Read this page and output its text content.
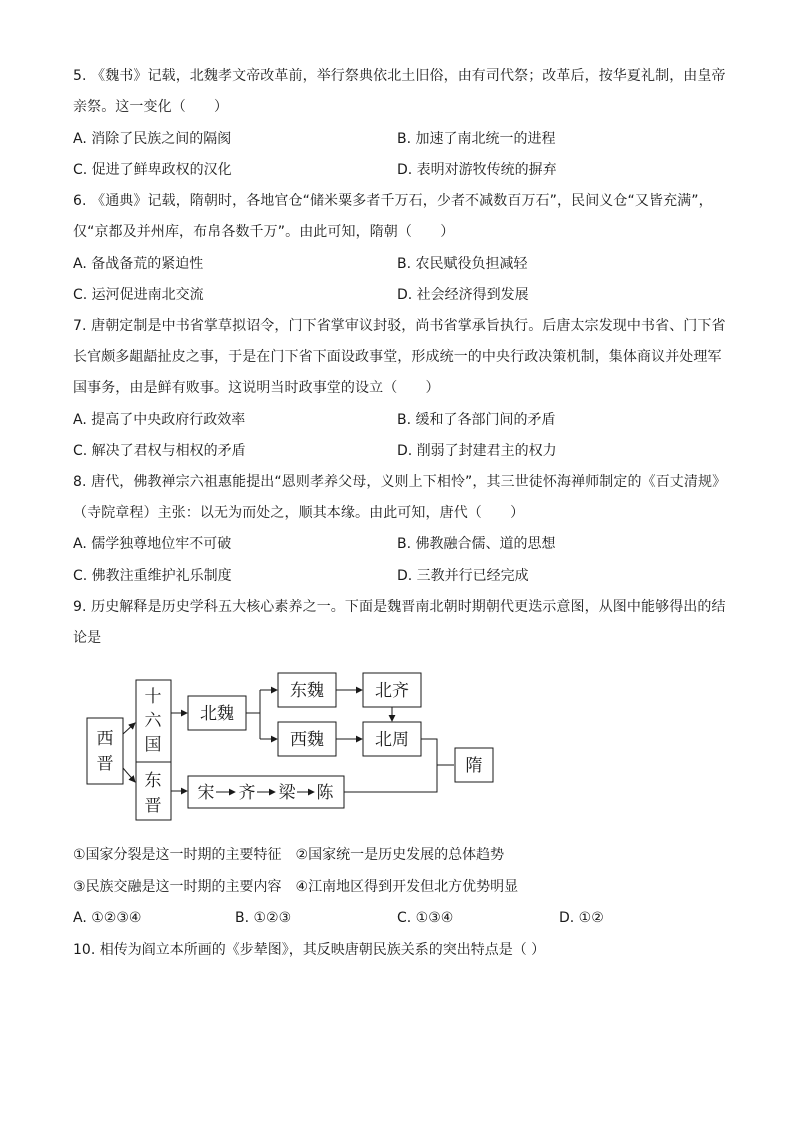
5. 《魏书》记载，北魏孝文帝改革前，举行祭典依北土旧俗，由有司代祭；改革后，按华夏礼制，由皇帝亲祭。这一变化（　　）
A. 消除了民族之间的隔阂	B. 加速了南北统一的进程
C. 促进了鲜卑政权的汉化	D. 表明对游牧传统的摒弃
6. 《通典》记载，隋朝时，各地官仓“储米粟多者千万石，少者不减数百万石”，民间义仓“又皆充满”，仅“京都及并州库，布帛各数千万”。由此可知，隋朝（　　）
A. 备战备荒的紧迫性	B. 农民赋役负担减轻
C. 运河促进南北交流	D. 社会经济得到发展
7. 唐朝定制是中书省掌草拟诏令，门下省掌审议封驳，尚书省掌承旨执行。后唐太宗发现中书省、门下省长官颇多龃龉扯皮之事，于是在门下省下面设政事堂，形成统一的中央行政决策机制，集体商议并处理军国事务，由是鲜有败事。这说明当时政事堂的设立（　　）
A. 提高了中央政府行政效率	B. 缓和了各部门间的矛盾
C. 解决了君权与相权的矛盾	D. 削弱了封建君主的权力
8. 唐代，佛教禅宗六祖惠能提出“恩则孝养父母，义则上下相怜”，其三世徒怀海禅师制定的《百丈清规》（寺院章程）主张：以无为而处之，顺其本缘。由此可知，唐代（　　）
A. 儒学独尊地位牢不可破	B. 佛教融合儒、道的思想
C. 佛教注重维护礼乐制度	D. 三教并行已经完成
9. 历史解释是历史学科五大核心素养之一。下面是魏晋南北朝时期朝代更迭示意图，从图中能够得出的结论是
西
晋
十
六
国
东
晋
北魏
东魏
西魏
北齐
北周
隋
宋 齐 梁 陈
①国家分裂是这一时期的主要特征　②国家统一是历史发展的总体趋势
③民族交融是这一时期的主要内容　④江南地区得到开发但北方优势明显
A. ①②③④	B. ①②③	C. ①③④	D. ①②
10. 相传为阎立本所画的《步辇图》，其反映唐朝民族关系的突出特点是（ ）
